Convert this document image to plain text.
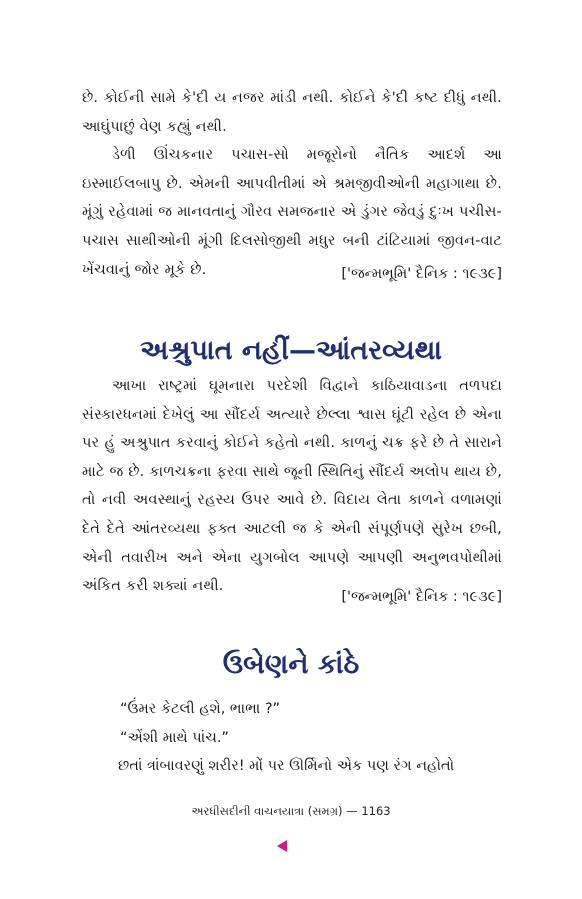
છે. કોઈની સામે કે'દી ય નજર માંડી નથી. કોઈને કે'દી કષ્ટ દીધું નથી. આઘુંપાછું વેણ કહ્યું નથી.

ડેળી ઊંચકનાર પચાસ-સો મજૂરોનો નૈતિક આદર્શ આ ઇસ્માઈલબાપુ છે. એમની આપવીતીમાં એ શ્રમજીવીઓની મહાગાથા છે. મૂંગું રહેવામાં જ માનવતાનું ગૌરવ સમજનાર એ ડુંગર જેવડું દુઃખ પચીસ-પચાસ સાથીઓની મૂંગી દિલસોજીથી મધુર બની ટાંટિયામાં જીવન-વાટ ખેંચવાનું જોર મૂકે છે.	['જન્મભૂમિ' દૈનિક : ૧૯૩૯]
અશ્રુપાત નહીં—આંતરવ્યથા

આખા રાષ્ટ્રમાં ઘૂમનારા પરદેશી વિદ્વાને કાઠિયાવાડના તળપદા સંસ્કારધનમાં દેખેલું આ સૌંદર્ય અત્યારે છેલ્લા શ્વાસ ઘૂંટી રહેલ છે એના પર હું અશ્રુપાત કરવાનું કોઈને કહેતો નથી. કાળનું ચક્ર ફરે છે તે સારાને માટે જ છે. કાળચક્રના ફરવા સાથે જૂની સ્થિતિનું સૌંદર્ય અલોપ થાય છે, તો નવી અવસ્થાનું રહસ્ય ઉપર આવે છે. વિદાય લેતા કાળને વળામણાં દેતે દેતે આંતરવ્યથા ફક્ત આટલી જ કે એની સંપૂર્ણપણે સુરેખ છબી, એની તવારીખ અને એના યુગબોલ આપણે આપણી અનુભવપોથીમાં અંકિત કરી શક્યાં નથી.

['જન્મભૂમિ' દૈનિક : ૧૯૩૯]
ઉબેણને કાંઠે

“ઉંમર કેટલી હશે, ભાભા ?”

“એંશી માથે પાંચ.”

છતાં ત્રાંબાવરણું શરીર! મોં પર ઊર્મિનો એક પણ રંગ નહોતો

અરધીસદીની વાચનયાત્રા (સમગ્ર) — 1163
